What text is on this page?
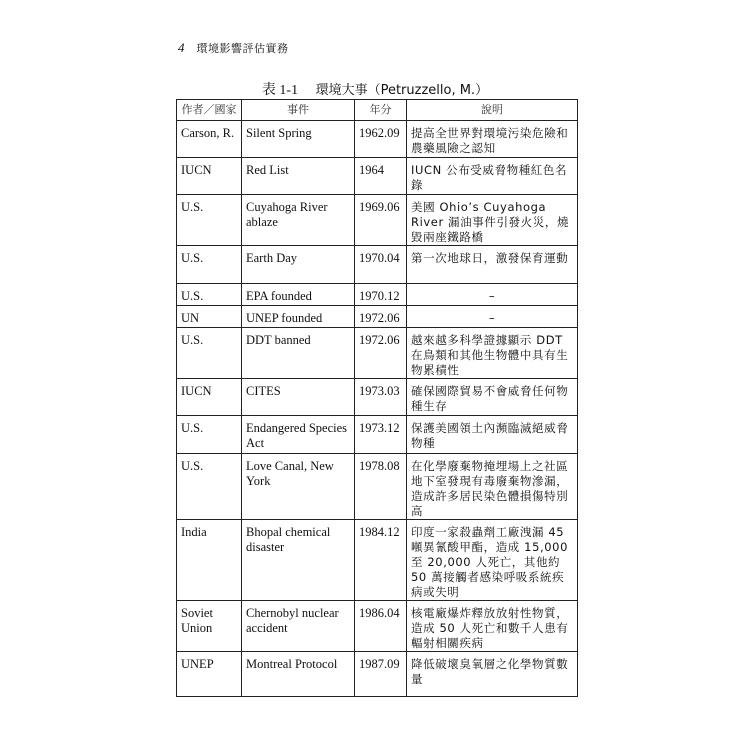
4 環境影響評估實務
表 1-1 環境大事（Petruzzello, M.）
作者／國家	事件	年分	說明
Carson, R.	Silent Spring	1962.09	提高全世界對環境污染危險和農藥風險之認知
IUCN	Red List	1964	IUCN 公布受威脅物種紅色名錄
U.S.	Cuyahoga River ablaze	1969.06	美國 Ohio’s Cuyahoga River 漏油事件引發火災，燒毀兩座鐵路橋
U.S.	Earth Day	1970.04	第一次地球日，激發保育運動
U.S.	EPA founded	1970.12	–
UN	UNEP founded	1972.06	–
U.S.	DDT banned	1972.06	越來越多科學證據顯示 DDT 在鳥類和其他生物體中具有生物累積性
IUCN	CITES	1973.03	確保國際貿易不會威脅任何物種生存
U.S.	Endangered Species Act	1973.12	保護美國領土內瀕臨滅絕威脅物種
U.S.	Love Canal, New York	1978.08	在化學廢棄物掩埋場上之社區地下室發現有毒廢棄物滲漏，造成許多居民染色體損傷特別高
India	Bhopal chemical disaster	1984.12	印度一家殺蟲劑工廠洩漏 45 噸異氰酸甲酯，造成 15,000 至 20,000 人死亡，其他約 50 萬接觸者感染呼吸系統疾病或失明
Soviet Union	Chernobyl nuclear accident	1986.04	核電廠爆炸釋放放射性物質，造成 50 人死亡和數千人患有輻射相關疾病
UNEP	Montreal Protocol	1987.09	降低破壞臭氧層之化學物質數量
